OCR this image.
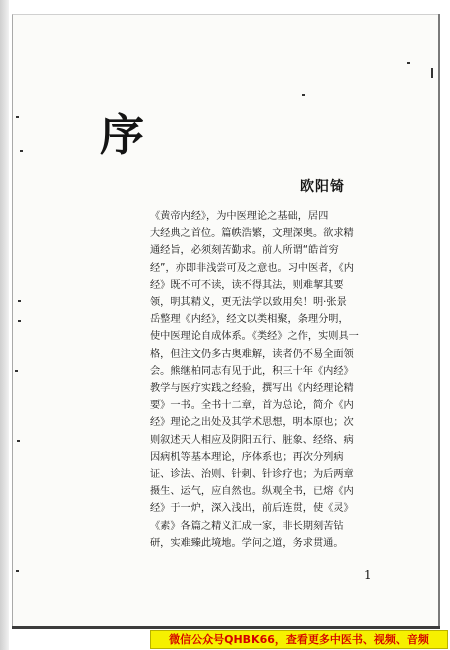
序
欧阳锜
《黄帝内经》，为中医理论之基础，居四
大经典之首位。篇帙浩繁，文理深奥。欲求精
通经旨，必须刻苦勤求。前人所谓“皓首穷
经”，亦即非浅尝可及之意也。习中医者，《内
经》既不可不读，读不得其法，则难挈其要
领，明其精义，更无法学以致用矣！明·张景
岳整理《内经》，经文以类相聚，条理分明，
使中医理论自成体系。《类经》之作，实则具一
格，但注文仍多古奥难解，读者仍不易全面领
会。熊继柏同志有见于此，积三十年《内经》
教学与医疗实践之经验，撰写出《内经理论精
要》一书。全书十二章，首为总论，简介《内
经》理论之出处及其学术思想，明本原也；次
则叙述天人相应及阴阳五行、脏象、经络、病
因病机等基本理论，序体系也；再次分列病
证、诊法、治则、针刺、针诊疗也；为后两章
摄生、运气，应自然也。纵观全书，已熔《内
经》于一炉，深入浅出，前后连贯，使《灵》
《素》各篇之精义汇成一家，非长期刻苦钻
研，实难臻此境地。学问之道，务求贯通。
1
微信公众号QHBK66，查看更多中医书、视频、音频
